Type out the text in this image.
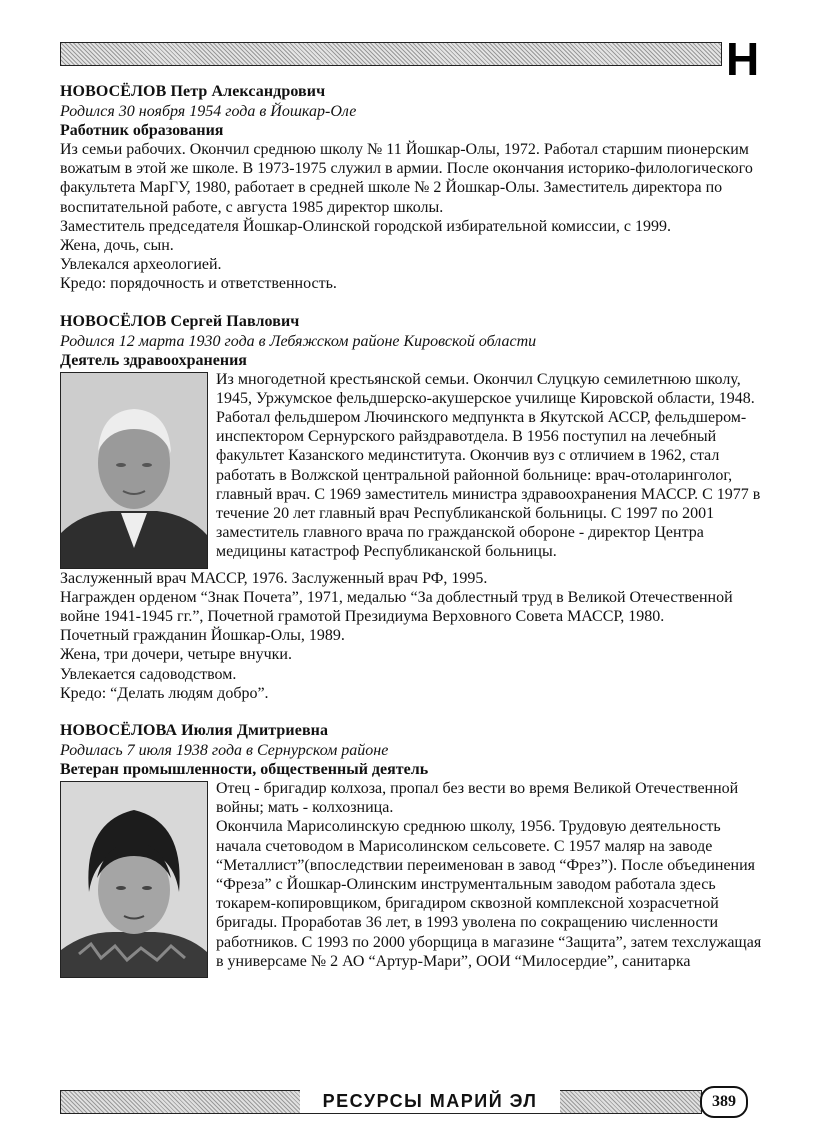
Н
НОВОСЁЛОВ Петр Александрович
Родился 30 ноября 1954 года в Йошкар-Оле
Работник образования

Из семьи рабочих. Окончил среднюю школу № 11 Йошкар-Олы, 1972. Работал старшим пионерским вожатым в этой же школе. В 1973-1975 служил в армии. После окончания историко-филологического факультета МарГУ, 1980, работает в средней школе № 2 Йошкар-Олы. Заместитель директора по воспитательной работе, с августа 1985 директор школы.

Заместитель председателя Йошкар-Олинской городской избирательной комиссии, с 1999.

Жена, дочь, сын.

Увлекался археологией.

Кредо: порядочность и ответственность.

НОВОСЁЛОВ Сергей Павлович
Родился 12 марта 1930 года в Лебяжском районе Кировской области
Деятель здравоохранения

Из многодетной крестьянской семьи. Окончил Слуцкую семилетнюю школу, 1945, Уржумское фельдшерско-акушерское училище Кировской области, 1948. Работал фельдшером Лючинского медпункта в Якутской АССР, фельдшером-инспектором Сернурского райздравотдела. В 1956 поступил на лечебный факультет Казанского мединститута. Окончив вуз с отличием в 1962, стал работать в Волжской центральной районной больнице: врач-отоларинголог, главный врач. С 1969 заместитель министра здравоохранения МАССР. С 1977 в течение 20 лет главный врач Республиканской больницы. С 1997 по 2001 заместитель главного врача по гражданской обороне - директор Центра медицины катастроф Республиканской больницы.

Заслуженный врач МАССР, 1976. Заслуженный врач РФ, 1995.

Награжден орденом “Знак Почета”, 1971, медалью “За доблестный труд в Великой Отечественной войне 1941-1945 гг.”, Почетной грамотой Президиума Верховного Совета МАССР, 1980.

Почетный гражданин Йошкар-Олы, 1989.

Жена, три дочери, четыре внучки.

Увлекается садоводством.

Кредо: “Делать людям добро”.

НОВОСЁЛОВА Июлия Дмитриевна
Родилась 7 июля 1938 года в Сернурском районе
Ветеран промышленности, общественный деятель

Отец - бригадир колхоза, пропал без вести во время Великой Отечественной войны; мать - колхозница.

Окончила Марисолинскую среднюю школу, 1956. Трудовую деятельность начала счетоводом в Марисолинском сельсовете. С 1957 маляр на заводе “Металлист”(впоследствии переименован в завод “Фрез”). После объединения “Фреза” с Йошкар-Олинским инструментальным заводом работала здесь токарем-копировщиком, бригадиром сквозной комплексной хозрасчетной бригады. Проработав 36 лет, в 1993 уволена по сокращению численности работников. С 1993 по 2000 уборщица в магазине “Защита”, затем техслужащая в универсаме № 2 АО “Артур-Мари”, ООИ “Милосердие”, санитарка

РЕСУРСЫ МАРИЙ ЭЛ	389
